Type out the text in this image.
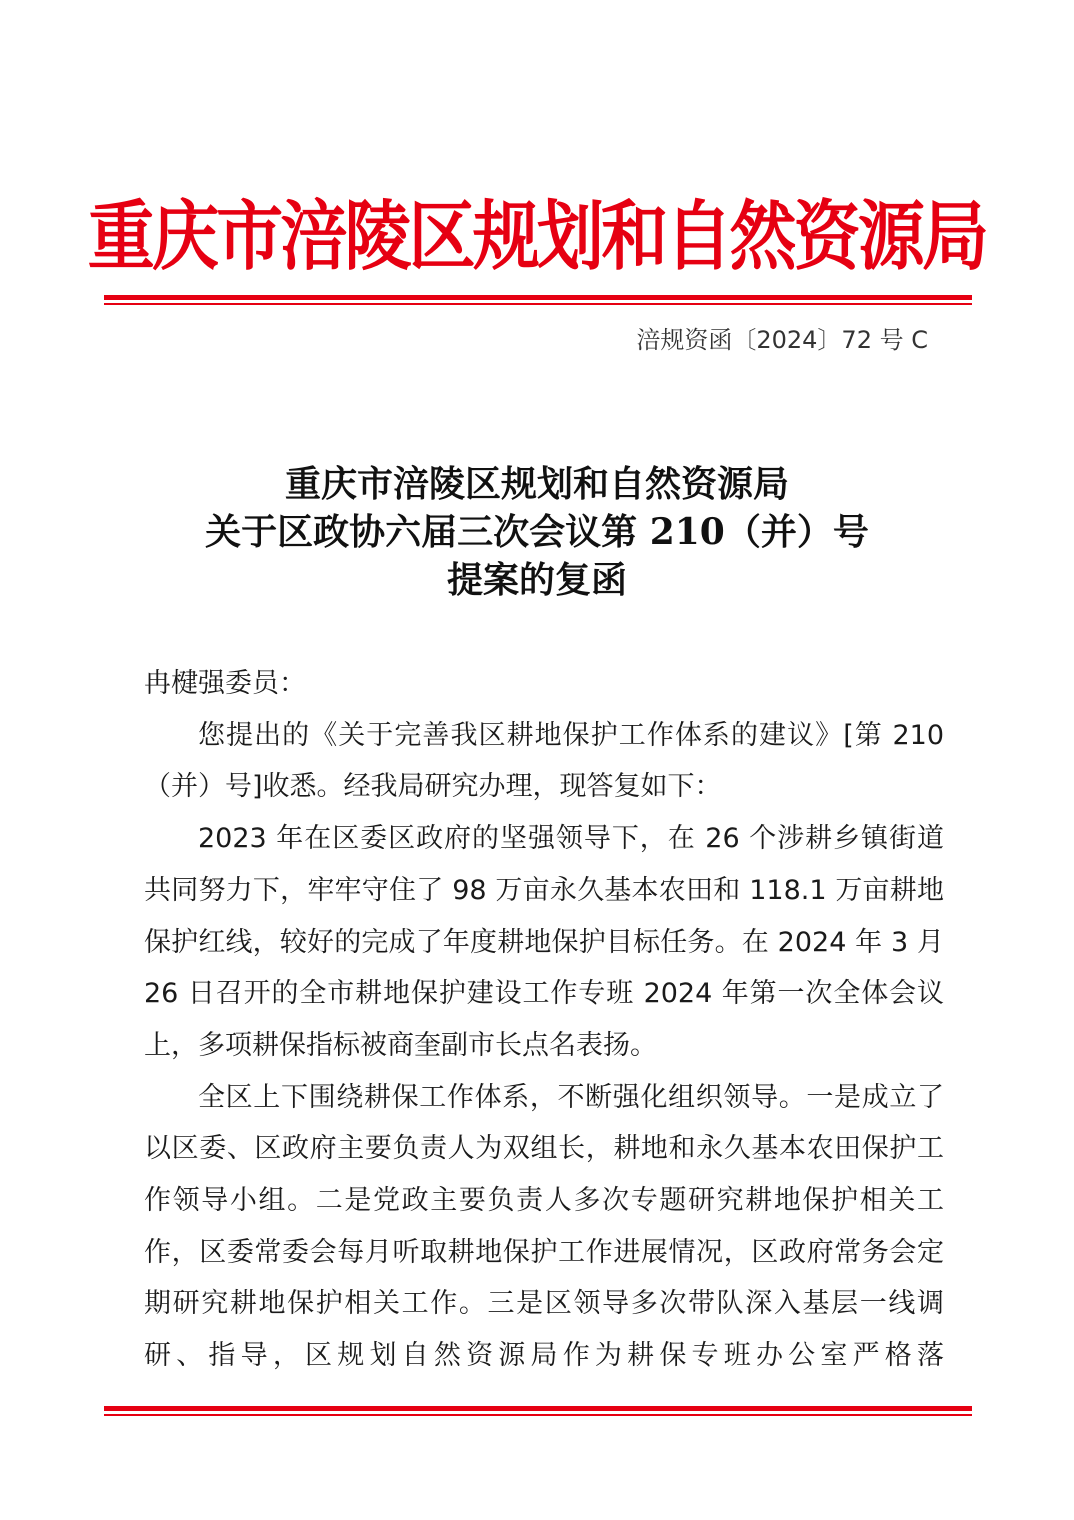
重庆市涪陵区规划和自然资源局
涪规资函〔2024〕72 号 C
重庆市涪陵区规划和自然资源局
关于区政协六届三次会议第 210（并）号
提案的复函

冉楗强委员：

您提出的《关于完善我区耕地保护工作体系的建议》[第 210（并）号]收悉。经我局研究办理，现答复如下：

2023 年在区委区政府的坚强领导下，在 26 个涉耕乡镇街道共同努力下，牢牢守住了 98 万亩永久基本农田和 118.1 万亩耕地保护红线，较好的完成了年度耕地保护目标任务。在 2024 年 3 月 26 日召开的全市耕地保护建设工作专班 2024 年第一次全体会议上，多项耕保指标被商奎副市长点名表扬。

全区上下围绕耕保工作体系，不断强化组织领导。一是成立了以区委、区政府主要负责人为双组长，耕地和永久基本农田保护工作领导小组。二是党政主要负责人多次专题研究耕地保护相关工作，区委常委会每月听取耕地保护工作进展情况，区政府常务会定期研究耕地保护相关工作。三是区领导多次带队深入基层一线调研、指导，区规划自然资源局作为耕保专班办公室严格落
